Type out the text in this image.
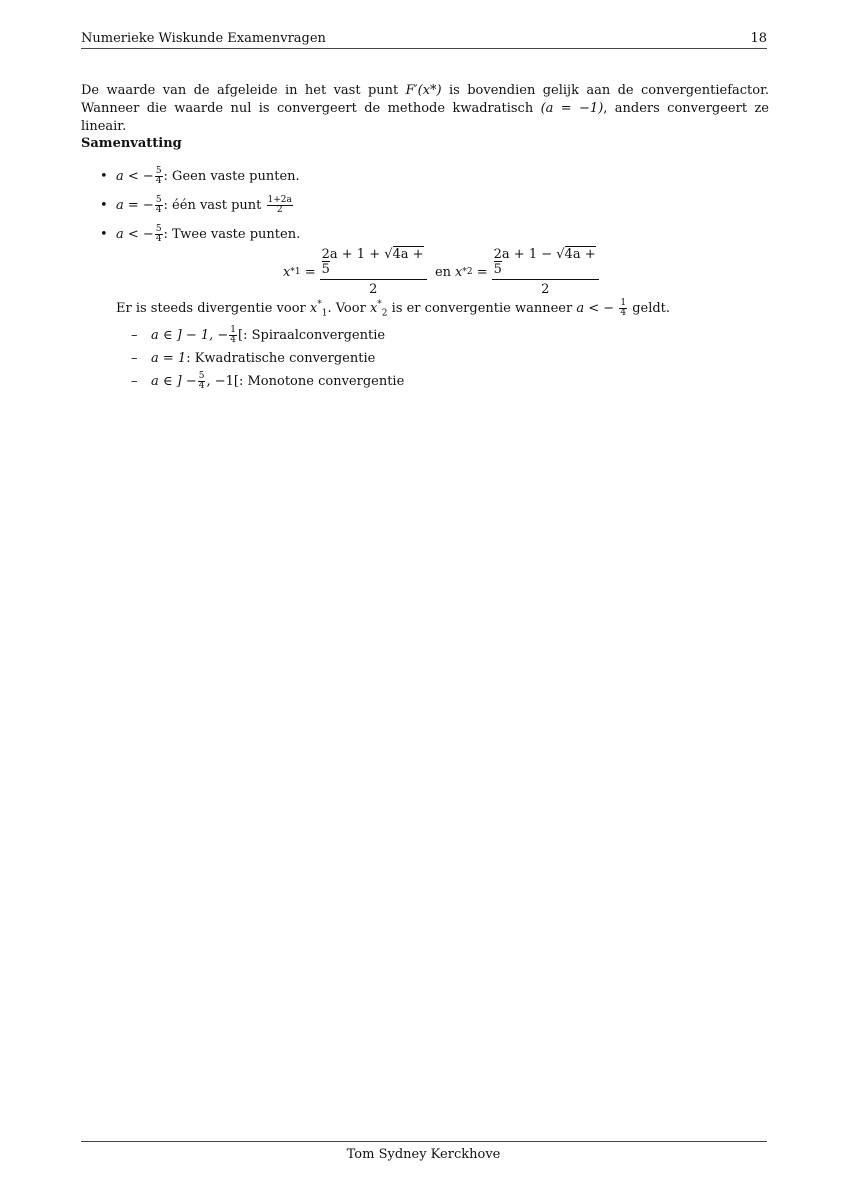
Numerieke Wiskunde Examenvragen	18
De waarde van de afgeleide in het vast punt F′(x*) is bovendien gelijk aan de convergentiefactor. Wanneer die waarde nul is convergeert de methode kwadratisch (a = −1), anders convergeert ze lineair.
Samenvatting
• a < − $\frac{5}{4}$ : Geen vaste punten.
• a = − $\frac{5}{4}$ : één vast punt
$\frac{1+2a}{2}$
• a < − $\frac{5}{4}$ : Twee vaste punten.
$x * 1 = \frac{2a + 1 + √4a + 5}{2}$ en $x * 2 = \frac{2a + 1 - √4a + 5}{2}$
Er is steeds divergentie voor $x^*_1$. Voor $x^*_2$ is er convergentie wanneer a < − $\frac{1}{4}$ geldt.
–	a ∈ ] − 1, − $\frac{1}{4}$ [ : Spiraalconvergentie
–	a = 1 : Kwadratische convergentie
–	a ∈ ] − $\frac{5}{4}$ , −1[ : Monotone convergentie
Tom Sydney Kerckhove
